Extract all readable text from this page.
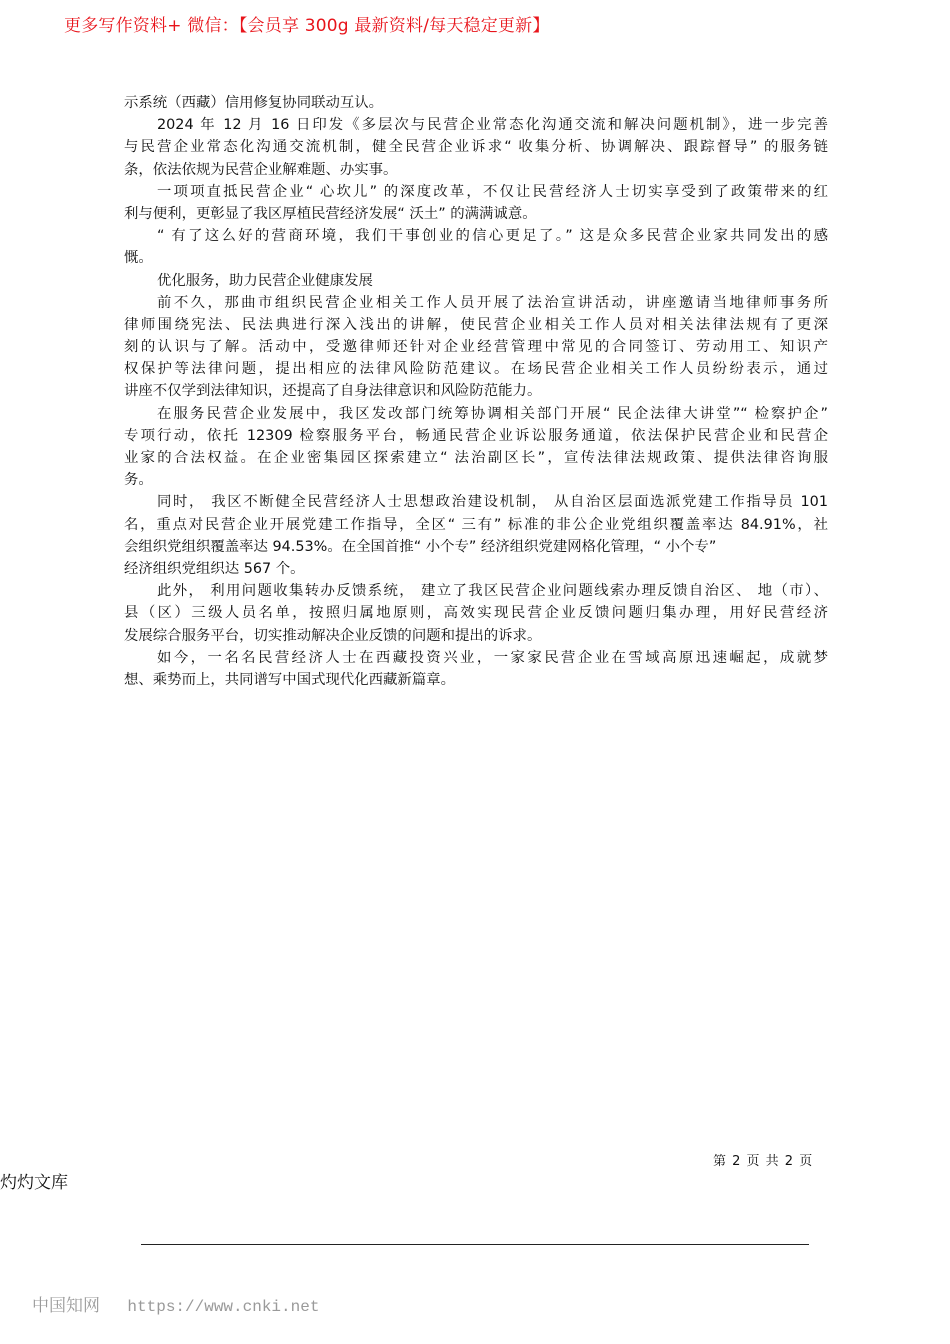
更多写作资料+ 微信：【会员享 300g 最新资料/每天稳定更新】
示系统（西藏）信用修复协同联动互认。
2024 年 12 月 16 日印发《多层次与民营企业常态化沟通交流和解决问题机制》，进一步完善
与民营企业常态化沟通交流机制，健全民营企业诉求“ 收集分析、协调解决、跟踪督导” 的服务链
条，依法依规为民营企业解难题、办实事。
一项项直抵民营企业“ 心坎儿” 的深度改革，不仅让民营经济人士切实享受到了政策带来的红
利与便利，更彰显了我区厚植民营经济发展“ 沃土” 的满满诚意。
“ 有了这么好的营商环境，我们干事创业的信心更足了。” 这是众多民营企业家共同发出的感
慨。
优化服务，助力民营企业健康发展
前不久，那曲市组织民营企业相关工作人员开展了法治宣讲活动，讲座邀请当地律师事务所
律师围绕宪法、民法典进行深入浅出的讲解，使民营企业相关工作人员对相关法律法规有了更深
刻的认识与了解。活动中，受邀律师还针对企业经营管理中常见的合同签订、劳动用工、知识产
权保护等法律问题，提出相应的法律风险防范建议。在场民营企业相关工作人员纷纷表示，通过
讲座不仅学到法律知识，还提高了自身法律意识和风险防范能力。
在服务民营企业发展中，我区发改部门统筹协调相关部门开展“ 民企法律大讲堂”“ 检察护企”
专项行动，依托 12309 检察服务平台，畅通民营企业诉讼服务通道，依法保护民营企业和民营企
业家的合法权益。在企业密集园区探索建立“ 法治副区长”，宣传法律法规政策、提供法律咨询服
务。
同时， 我区不断健全民营经济人士思想政治建设机制， 从自治区层面选派党建工作指导员 101
名，重点对民营企业开展党建工作指导，全区“ 三有” 标准的非公企业党组织覆盖率达 84.91%，社
会组织党组织覆盖率达 94.53%。在全国首推“ 小个专” 经济组织党建网格化管理，“ 小个专”
经济组织党组织达 567 个。
此外， 利用问题收集转办反馈系统， 建立了我区民营企业问题线索办理反馈自治区、 地（市）、
县（区）三级人员名单，按照归属地原则，高效实现民营企业反馈问题归集办理，用好民营经济
发展综合服务平台，切实推动解决企业反馈的问题和提出的诉求。
如今，一名名民营经济人士在西藏投资兴业，一家家民营企业在雪域高原迅速崛起，成就梦
想、乘势而上，共同谱写中国式现代化西藏新篇章。
第 2 页 共 2 页
灼灼文库
中国知网 https://www.cnki.net
